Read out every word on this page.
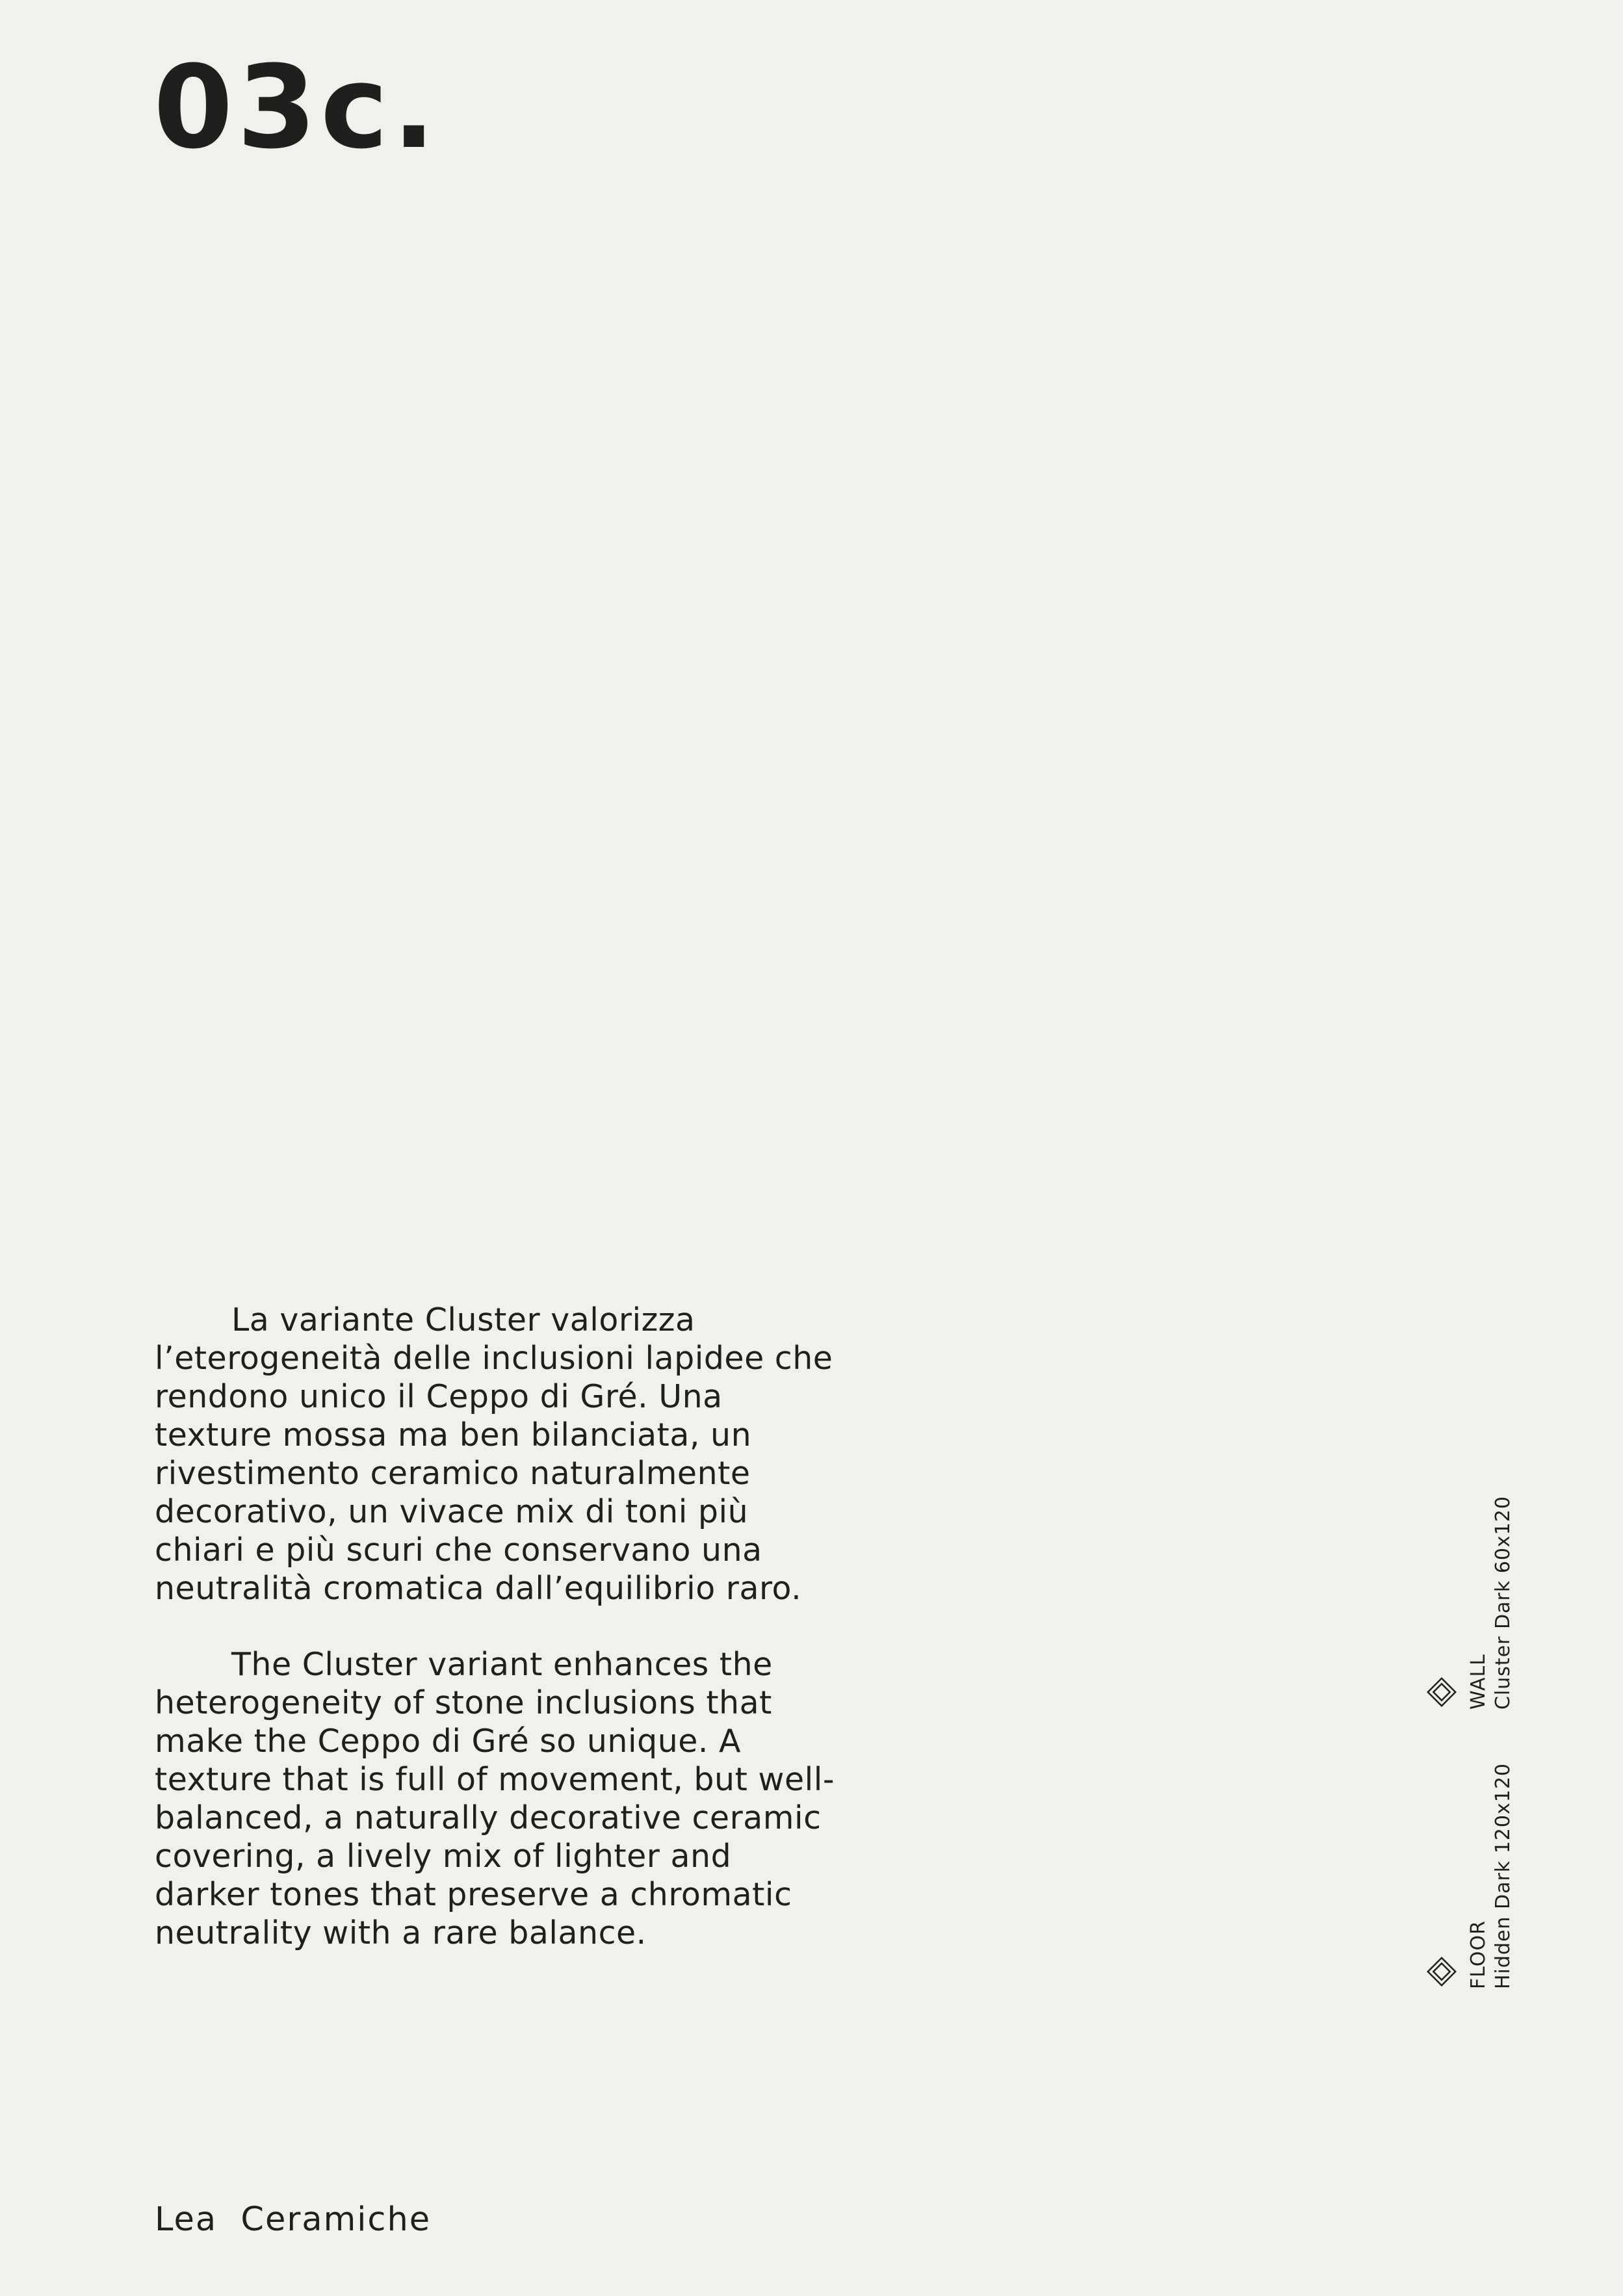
03c.

La variante Cluster valorizza l’eterogeneità delle inclusioni lapidee che rendono unico il Ceppo di Gré. Una texture mossa ma ben bilanciata, un rivestimento ceramico naturalmente decorativo, un vivace mix di toni più chiari e più scuri che conservano una neutralità cromatica dall’equilibrio raro.

The Cluster variant enhances the heterogeneity of stone inclusions that make the Ceppo di Gré so unique. A texture that is full of movement, but well-balanced, a naturally decorative ceramic covering, a lively mix of lighter and darker tones that preserve a chromatic neutrality with a rare balance.

WALL Cluster Dark 60x120
FLOOR Hidden Dark 120x120

Lea Ceramiche
